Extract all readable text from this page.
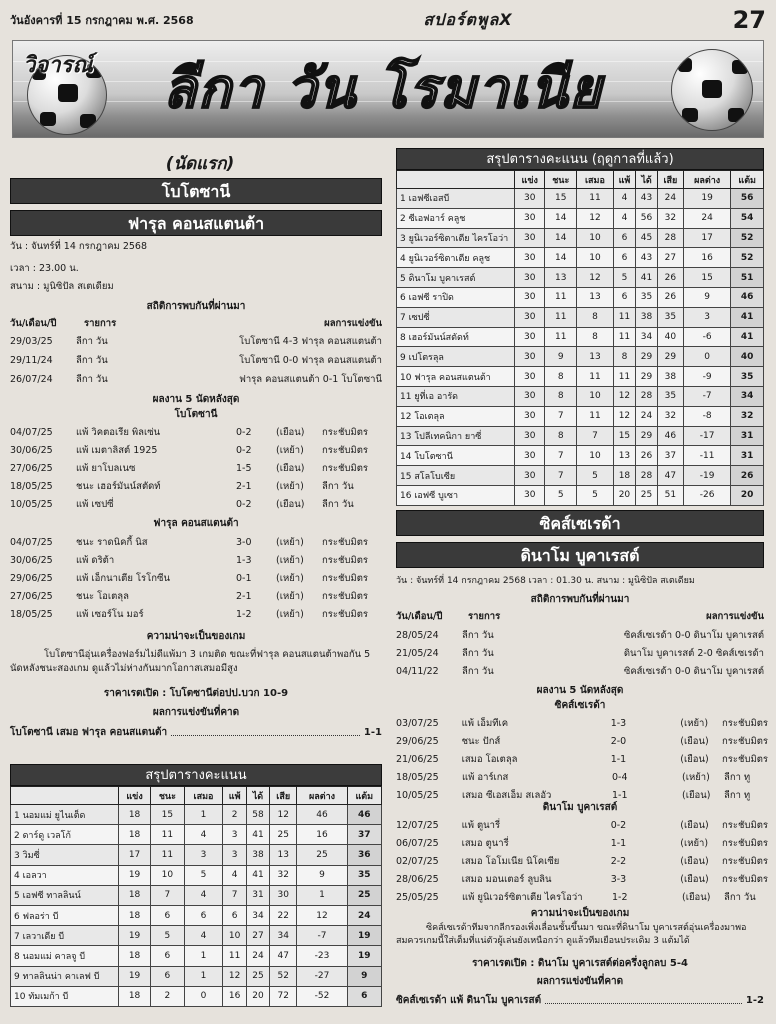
วันอังคารที่ 15 กรกฎาคม พ.ศ. 2568	สปอร์ตพูลX	27
วิจารณ์	ลีกา วัน โรมาเนีย
(นัดแรก)
โบโตซานี
ฟารุล คอนสแตนต้า
วัน : จันทร์ที่ 14 กรกฎาคม 2568
เวลา : 23.00 น.
สนาม : มูนิซิปัล สเตเดียม
สถิติการพบกันที่ผ่านมา
วัน/เดือน/ปี	รายการ	ผลการแข่งขัน
29/03/25	ลีกา วัน	โบโตซานี 4-3 ฟารุล คอนสแตนต้า
29/11/24	ลีกา วัน	โบโตซานี 0-0 ฟารุล คอนสแตนต้า
26/07/24	ลีกา วัน	ฟารุล คอนสแตนต้า 0-1 โบโตซานี
ผลงาน 5 นัดหลังสุด
โบโตซานี
04/07/25	แพ้ วิคตอเรีย พิลเซ่น	0-2	(เยือน)	กระชับมิตร
30/06/25	แพ้ เมตาลิสต์ 1925	0-2	(เหย้า)	กระชับมิตร
27/06/25	แพ้ ยาโบลเนซ	1-5	(เยือน)	กระชับมิตร
18/05/25	ชนะ เฮอร์มันน์สตัดท์	2-1	(เหย้า)	ลีกา วัน
10/05/25	แพ้ เซปซี่	0-2	(เยือน)	ลีกา วัน
ฟารุล คอนสแตนต้า
04/07/25	ชนะ ราดนิคกี้ นิส	3-0	(เหย้า)	กระชับมิตร
30/06/25	แพ้ ดริต้า	1-3	(เหย้า)	กระชับมิตร
29/06/25	แพ้ เอ็กนาเตีย โรโกซีน	0-1	(เหย้า)	กระชับมิตร
27/06/25	ชนะ โอเตลุล	2-1	(เหย้า)	กระชับมิตร
18/05/25	แพ้ เซอร์โน มอร์	1-2	(เหย้า)	กระชับมิตร
ความน่าจะเป็นของเกม
โบโตซานีอุ่นเครื่องฟอร์มไม่ดีแพ้มา 3 เกมติด ขณะที่ฟารุล คอนสแตนต้าพอกัน 5 นัดหลังชนะสองเกม ดูแล้วไม่ห่างกันมากโอกาสเสมอมีสูง
ราคาเรตเปิด : โบโตซานีต่อปป.บวก 10-9
ผลการแข่งขันที่คาด
โบโตซานี เสมอ ฟารุล คอนสแตนต้า	1-1
สรุปตารางคะแนน (ฤดูกาลที่แล้ว)
	แข่ง	ชนะ	เสมอ	แพ้	ได้	เสีย	ผลต่าง	แต้ม
1 เอฟซีเอสบี	30	15	11	4	43	24	19	56
2 ซีเอฟอาร์ คลูช	30	14	12	4	56	32	24	54
3 ยูนิเวอร์ซิตาเตีย ไครโอว่า	30	14	10	6	45	28	17	52
4 ยูนิเวอร์ซิตาเตีย คลูช	30	14	10	6	43	27	16	52
5 ดินาโม บูคาเรสต์	30	13	12	5	41	26	15	51
6 เอฟซี ราปิด	30	11	13	6	35	26	9	46
7 เซปซี่	30	11	8	11	38	35	3	41
8 เฮอร์มันน์สตัดท์	30	11	8	11	34	40	-6	41
9 เปโตรลุล	30	9	13	8	29	29	0	40
10 ฟารุล คอนสแตนต้า	30	8	11	11	29	38	-9	35
11 ยูที่เอ อารัด	30	8	10	12	28	35	-7	34
12 โอเตลุล	30	7	11	12	24	32	-8	32
13 โปลีเทคนิกา ยาซี่	30	8	7	15	29	46	-17	31
14 โบโตซานี	30	7	10	13	26	37	-11	31
15 สโลโบเซีย	30	7	5	18	28	47	-19	26
16 เอฟซี บูเซา	30	5	5	20	25	51	-26	20
สรุปตารางคะแนน
	แข่ง	ชนะ	เสมอ	แพ้	ได้	เสีย	ผลต่าง	แต้ม
1 นอมแม่ ยูไนเต็ด	18	15	1	2	58	12	46	46
2 ดาร์ดู เวลโก้	18	11	4	3	41	25	16	37
3 วิมซี่	17	11	3	3	38	13	25	36
4 เอลวา	19	10	5	4	41	32	9	35
5 เอฟซี ทาลลินน์	18	7	4	7	31	30	1	25
6 ฟลอร่า บี	18	6	6	6	34	22	12	24
7 เลวาเดีย บี	19	5	4	10	27	34	-7	19
8 นอมแม่ คาลจู บี	18	6	1	11	24	47	-23	19
9 ทาลลินน่า คาเลฟ บี	19	6	1	12	25	52	-27	9
10 ทัมเมก้า บี	18	2	0	16	20	72	-52	6
ซิคส์เซเรด้า
ดินาโม บูคาเรสต์
วัน : จันทร์ที่ 14 กรกฎาคม 2568 เวลา : 01.30 น. สนาม : มูนิซิปัล สเตเดียม
สถิติการพบกันที่ผ่านมา
วัน/เดือน/ปี	รายการ	ผลการแข่งขัน
28/05/24	ลีกา วัน	ซิคส์เซเรด้า 0-0 ดินาโม บูคาเรสต์
21/05/24	ลีกา วัน	ดินาโม บูคาเรสต์ 2-0 ซิคส์เซเรด้า
04/11/22	ลีกา วัน	ซิคส์เซเรด้า 0-0 ดินาโม บูคาเรสต์
ผลงาน 5 นัดหลังสุด
ซิคส์เซเรด้า
03/07/25	แพ้ เอ็มทีเค	1-3	(เหย้า)	กระชับมิตร
29/06/25	ชนะ ปักส์	2-0	(เยือน)	กระชับมิตร
21/06/25	เสมอ โอเตลุล	1-1	(เยือน)	กระชับมิตร
18/05/25	แพ้ อาร์เกส	0-4	(เหย้า)	ลีกา ทู
10/05/25	เสมอ ซีเอสเอ็ม สเลอัว	1-1	(เยือน)	ลีกา ทู
ดินาโม บูคาเรสต์
12/07/25	แพ้ ตูนารี่	0-2	(เยือน)	กระชับมิตร
06/07/25	เสมอ ตูนารี่	1-1	(เหย้า)	กระชับมิตร
02/07/25	เสมอ โอโมเนีย นิโคเซีย	2-2	(เยือน)	กระชับมิตร
28/06/25	เสมอ มอนเตอร์ ลูบลิน	3-3	(เยือน)	กระชับมิตร
25/05/25	แพ้ ยูนิเวอร์ซิตาเตีย ไครโอว่า	1-2	(เยือน)	ลีกา วัน
ความน่าจะเป็นของเกม
ซิคส์เซเรด้าทีมจากลีกรองเพิ่งเลื่อนชั้นขึ้นมา ขณะที่ดินาโม บูคาเรสต์อุ่นเครื่องมาพอสมควรเกมนี้ใส่เต็มที่แน่ตัวผู้เล่นยังเหนือกว่า ดูแล้วทีมเยือนประเดิม 3 แต้มได้
ราคาเรตเปิด : ดินาโม บูคาเรสต์ต่อครึ่งลูกลบ 5-4
ผลการแข่งขันที่คาด
ซิคส์เซเรด้า แพ้ ดินาโม บูคาเรสต์	1-2
